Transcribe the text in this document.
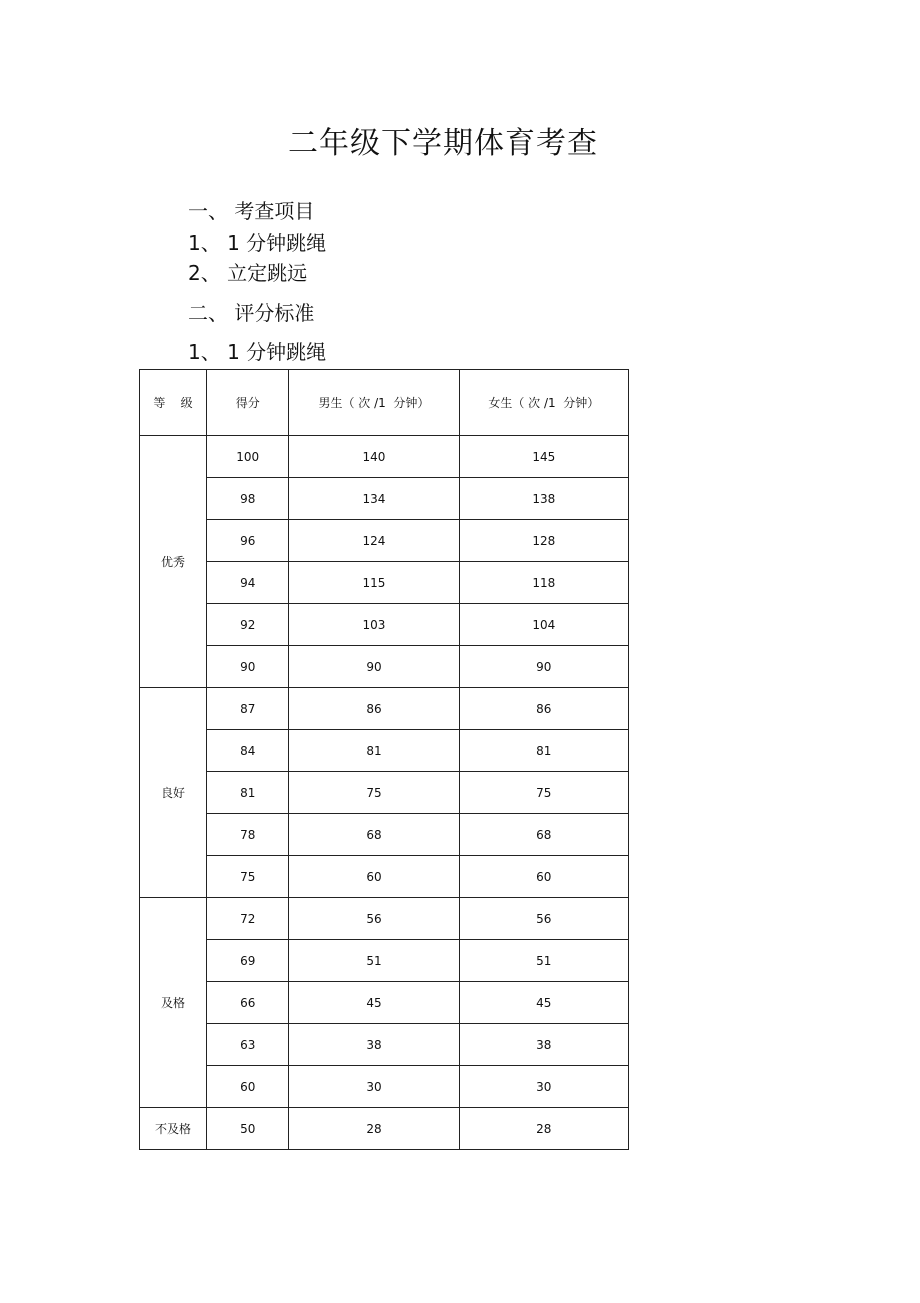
二年级下学期体育考查
一、 考查项目
1、 1 分钟跳绳
2、 立定跳远
二、 评分标准
1、 1 分钟跳绳
等    级	得分	男生（ 次 /1  分钟）	女生（ 次 /1  分钟）
优秀	100	140	145
	98	134	138
	96	124	128
	94	115	118
	92	103	104
	90	90	90
良好	87	86	86
	84	81	81
	81	75	75
	78	68	68
	75	60	60
及格	72	56	56
	69	51	51
	66	45	45
	63	38	38
	60	30	30
不及格	50	28	28
